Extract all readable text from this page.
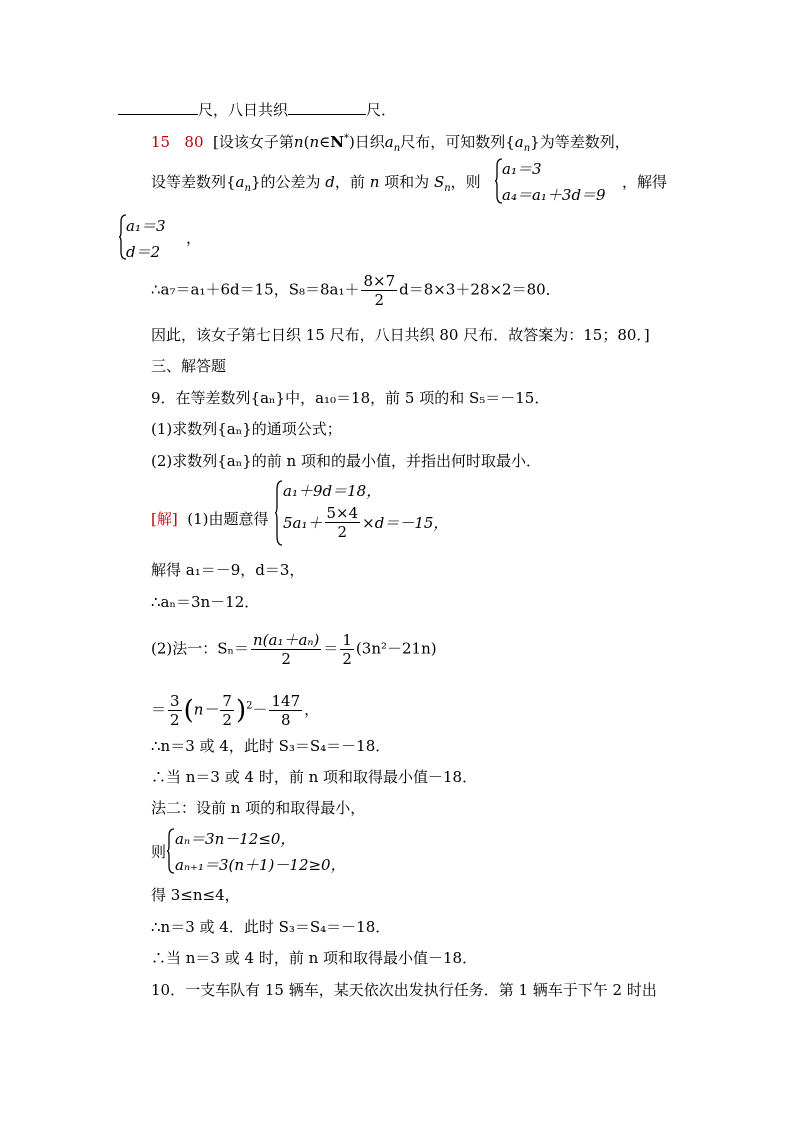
尺，八日共织	尺．
15 80 [设该女子第n(n∈N*)日织$a_n$尺布，可知数列$\{a_n\}$为等差数列，
设等差数列$\{a_n\}$的公差为 d，前 n 项和为 $S_n$，则
a₁＝3
a₄＝a₁＋3d＝9
，解得
a₁＝3
d＝2
，
∴a₇＝a₁＋6d＝15，$S_8=8a_1+ \frac{8\times 7}{2} d=8\times 3+28\times 2=80$．
因此，该女子第七日织 15 尺布，八日共织 80 尺布．故答案为：15；80．]
三、解答题
9．在等差数列{aₙ}中，a₁₀＝18，前 5 项的和 S₅＝－15．
(1)求数列{aₙ}的通项公式；
(2)求数列{aₙ}的前 n 项和的最小值，并指出何时取最小．
[解] (1)由题意得
a₁＋9d＝18，
$5a_1+ \frac{5\times 4}{2} \times d=-15$，
解得 a₁＝－9，d＝3，
∴aₙ＝3n－12．
(2)法一：$S_n= \frac{\text{n(a₁＋aₙ)}}{2} = \frac{1}{2} (3n^2-21n)$
＝ $\frac{3}{2} (n- \frac{7}{2} )^2- \frac{147}{8}$ ，
∴n＝3 或 4，此时 S₃＝S₄＝－18．
∴当 n＝3 或 4 时，前 n 项和取得最小值－18．
法二：设前 n 项的和取得最小，
则
aₙ＝3n－12≤0，
aₙ₊₁＝3(n＋1)－12≥0，
得 3≤n≤4，
∴n＝3 或 4．此时 S₃＝S₄＝－18．
∴当 n＝3 或 4 时，前 n 项和取得最小值－18．
10．一支车队有 15 辆车，某天依次出发执行任务．第 1 辆车于下午 2 时出
